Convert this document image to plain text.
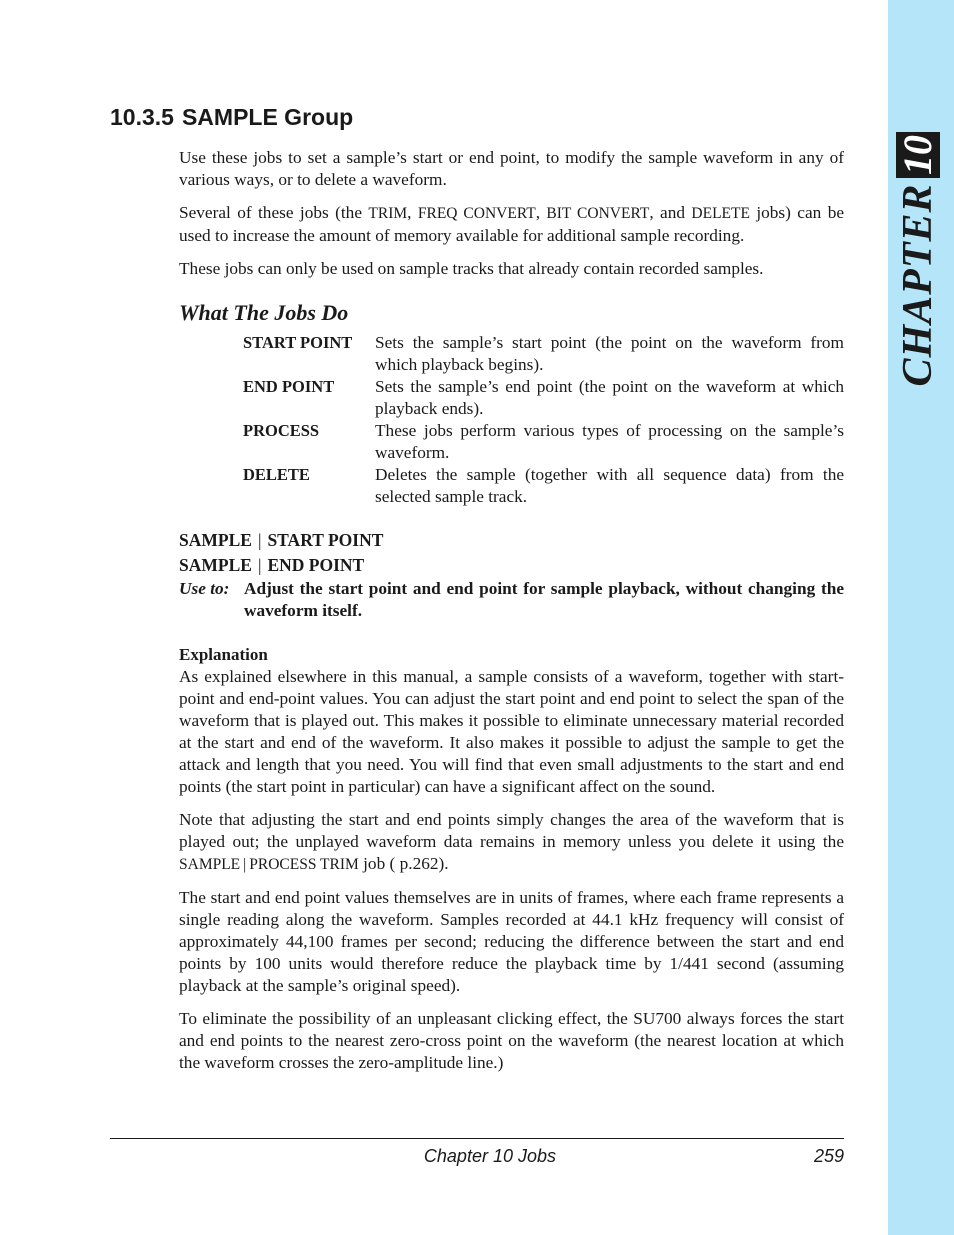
10
CHAPTER
10.3.5 SAMPLE Group

Use these jobs to set a sample’s start or end point, to modify the sample waveform in any of various ways, or to delete a waveform.

Several of these jobs (the TRIM, FREQ CONVERT, BIT CONVERT, and DELETE jobs) can be used to increase the amount of memory available for additional sample recording.

These jobs can only be used on sample tracks that already contain recorded samples.

What The Jobs Do
START POINT	Sets the sample’s start point (the point on the waveform from which playback begins).
END POINT	Sets the sample’s end point (the point on the waveform at which playback ends).
PROCESS	These jobs perform various types of processing on the sample’s waveform.
DELETE	Deletes the sample (together with all sequence data) from the selected sample track.
SAMPLE | START POINT
SAMPLE | END POINT
Use to: Adjust the start point and end point for sample playback, without changing the waveform itself.
Explanation

As explained elsewhere in this manual, a sample consists of a waveform, together with start-point and end-point values. You can adjust the start point and end point to select the span of the waveform that is played out. This makes it possible to eliminate unnecessary material recorded at the start and end of the waveform. It also makes it possible to adjust the sample to get the attack and length that you need. You will find that even small adjustments to the start and end points (the start point in particular) can have a significant affect on the sound.

Note that adjusting the start and end points simply changes the area of the waveform that is played out; the unplayed waveform data remains in memory unless you delete it using the SAMPLE | PROCESS TRIM job ( p.262).

The start and end point values themselves are in units of frames, where each frame represents a single reading along the waveform. Samples recorded at 44.1 kHz frequency will consist of approximately 44,100 frames per second; reducing the difference between the start and end points by 100 units would therefore reduce the playback time by 1/441 second (assuming playback at the sample’s original speed).

To eliminate the possibility of an unpleasant clicking effect, the SU700 always forces the start and end points to the nearest zero-cross point on the waveform (the nearest location at which the waveform crosses the zero-amplitude line.)

Chapter 10 Jobs	259
